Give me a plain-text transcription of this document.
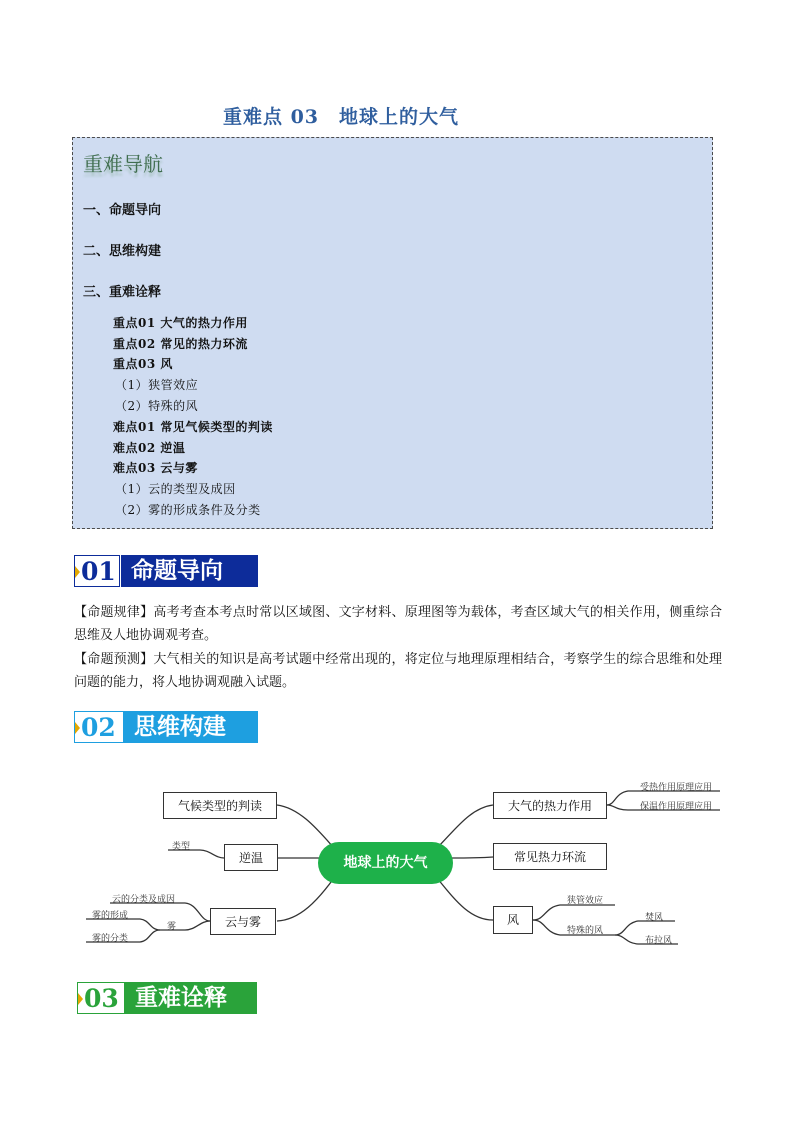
重难点 03　地球上的大气
重难导航
一、命题导向
二、思维构建
三、重难诠释
重点01 大气的热力作用
重点02 常见的热力环流
重点03 风
（1）狭管效应
（2）特殊的风
难点01 常见气候类型的判读
难点02 逆温
难点03 云与雾
（1）云的类型及成因
（2）雾的形成条件及分类
01 命题导向
【命题规律】高考考查本考点时常以区域图、文字材料、原理图等为载体，考查区域大气的相关作用，侧重综合思维及人地协调观考查。
【命题预测】大气相关的知识是高考试题中经常出现的，将定位与地理原理相结合，考察学生的综合思维和处理问题的能力，将人地协调观融入试题。
02 思维构建
地球上的大气
气候类型的判读
逆温
云与雾
大气的热力作用
常见热力环流
风
类型
云的分类及成因
雾
雾的形成
雾的分类
受热作用原理应用
保温作用原理应用
狭管效应
特殊的风
焚风
布拉风
03 重难诠释
